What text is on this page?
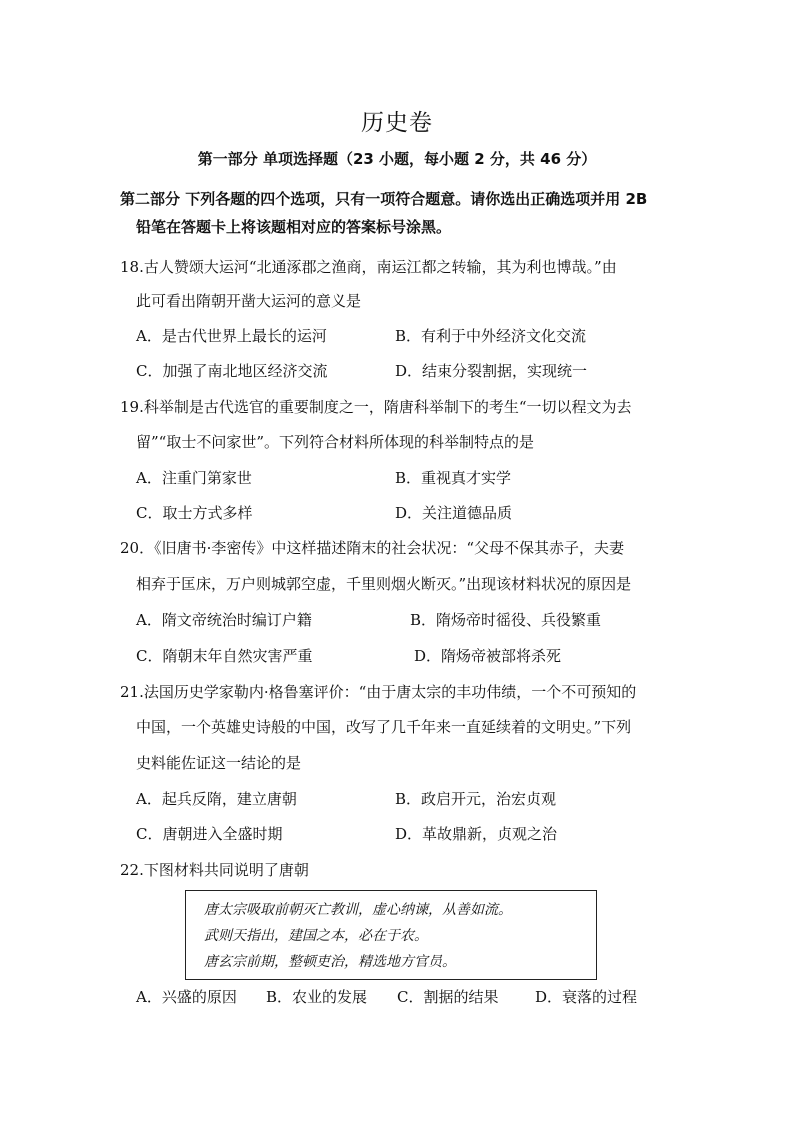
历史卷
第一部分 单项选择题（23 小题，每小题 2 分，共 46 分）
第二部分 下列各题的四个选项，只有一项符合题意。请你选出正确选项并用 2B
铅笔在答题卡上将该题相对应的答案标号涂黑。
18.古人赞颂大运河“北通涿郡之渔商，南运江都之转输，其为利也博哉。”由
此可看出隋朝开凿大运河的意义是
A．是古代世界上最长的运河	B．有利于中外经济文化交流
C．加强了南北地区经济交流	D．结束分裂割据，实现统一
19.科举制是古代选官的重要制度之一，隋唐科举制下的考生“一切以程文为去
留”“取士不问家世”。下列符合材料所体现的科举制特点的是
A．注重门第家世	B．重视真才实学
C．取士方式多样	D．关注道德品质
20．《旧唐书·李密传》中这样描述隋末的社会状况：“父母不保其赤子，夫妻
相弃于匡床，万户则城郭空虚，千里则烟火断灭。”出现该材料状况的原因是
A．隋文帝统治时编订户籍	B．隋炀帝时徭役、兵役繁重
C．隋朝末年自然灾害严重	D．隋炀帝被部将杀死
21.法国历史学家勒内·格鲁塞评价：“由于唐太宗的丰功伟绩，一个不可预知的
中国，一个英雄史诗般的中国，改写了几千年来一直延续着的文明史。”下列
史料能佐证这一结论的是
A．起兵反隋，建立唐朝	B．政启开元，治宏贞观
C．唐朝进入全盛时期	D．革故鼎新，贞观之治
22.下图材料共同说明了唐朝
唐太宗吸取前朝灭亡教训，虚心纳谏，从善如流。
武则天指出，建国之本，必在于农。
唐玄宗前期，整顿吏治，精选地方官员。
A．兴盛的原因 B．农业的发展 C．割据的结果 D．衰落的过程
